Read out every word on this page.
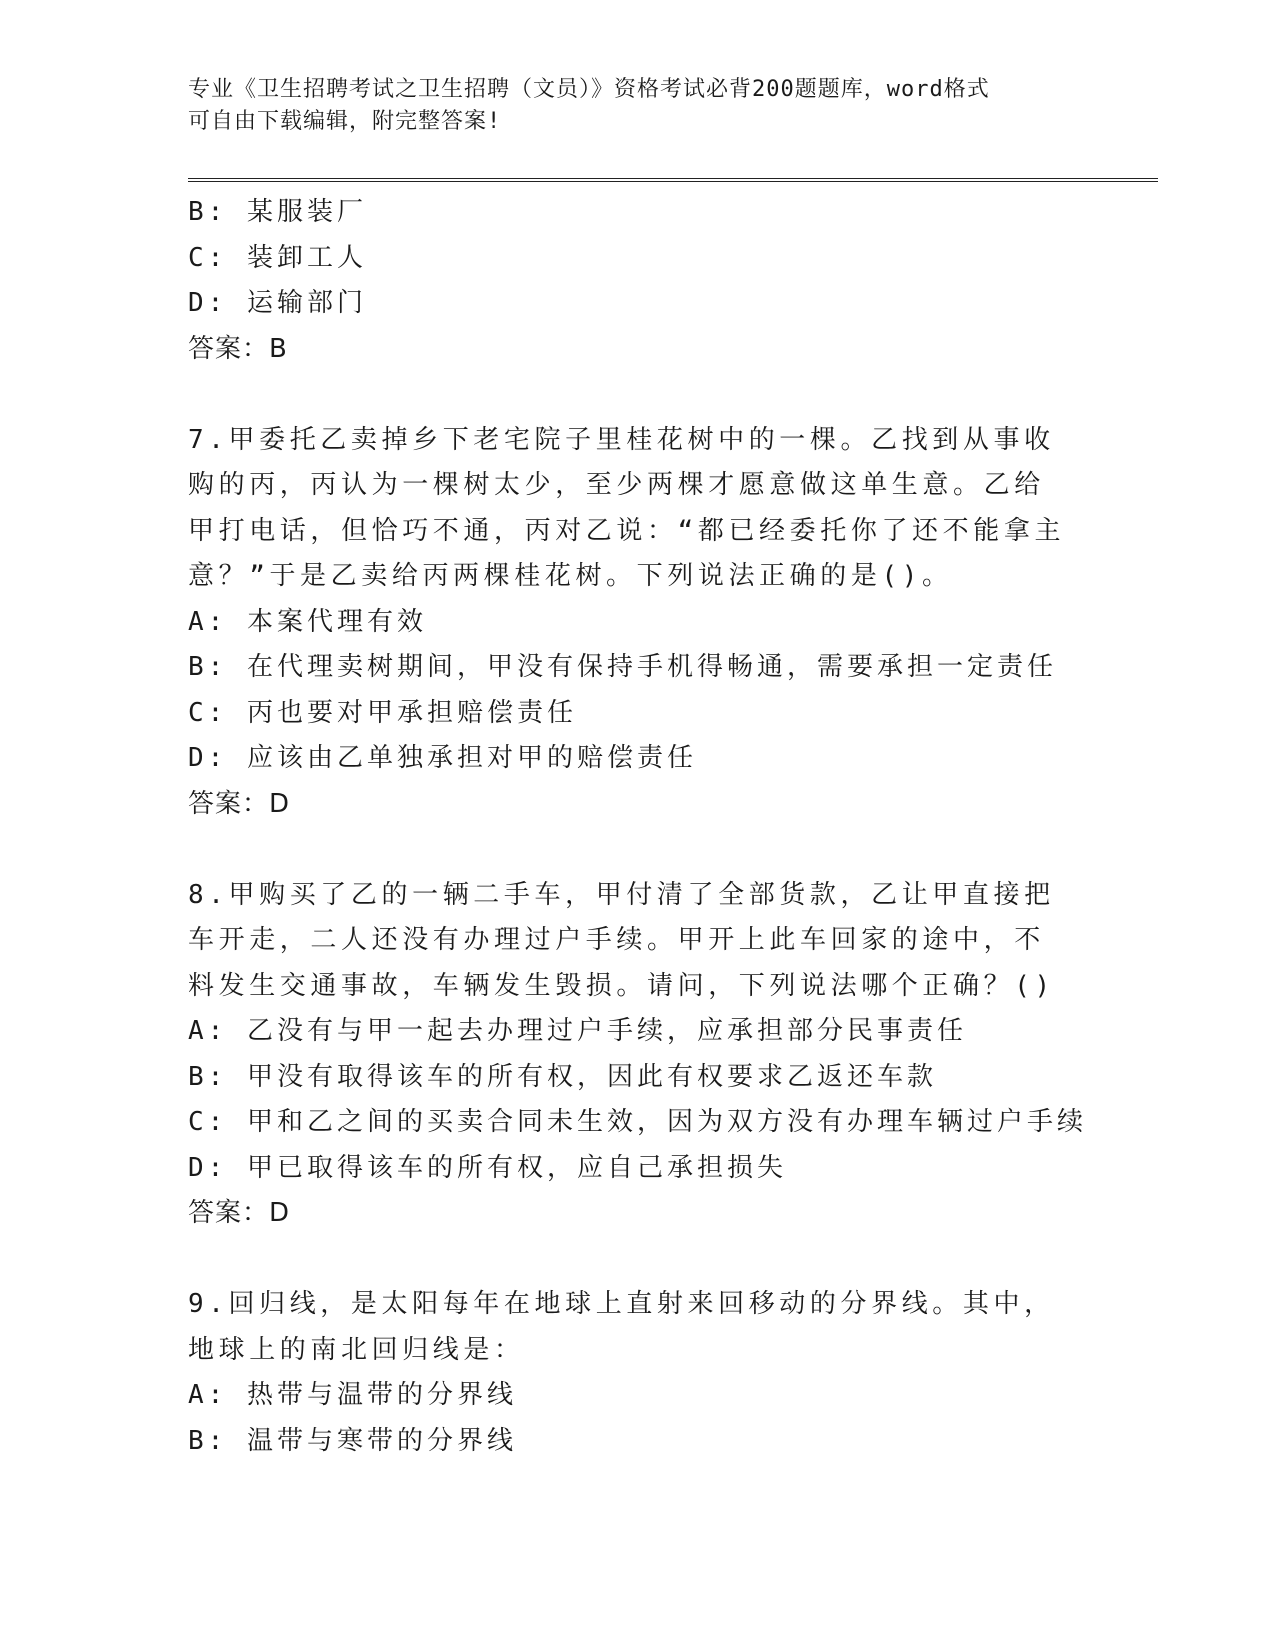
专业《卫生招聘考试之卫生招聘（文员）》资格考试必背200题题库，word格式
可自由下载编辑，附完整答案!
B: 某服装厂
C: 装卸工人
D: 运输部门
答案：B
7.甲委托乙卖掉乡下老宅院子里桂花树中的一棵。乙找到从事收购的丙，丙认为一棵树太少，至少两棵才愿意做这单生意。乙给甲打电话，但恰巧不通，丙对乙说：“都已经委托你了还不能拿主意？”于是乙卖给丙两棵桂花树。下列说法正确的是()。
A: 本案代理有效
B: 在代理卖树期间，甲没有保持手机得畅通，需要承担一定责任
C: 丙也要对甲承担赔偿责任
D: 应该由乙单独承担对甲的赔偿责任
答案：D
8.甲购买了乙的一辆二手车，甲付清了全部货款，乙让甲直接把车开走，二人还没有办理过户手续。甲开上此车回家的途中，不料发生交通事故，车辆发生毁损。请问，下列说法哪个正确？()
A: 乙没有与甲一起去办理过户手续，应承担部分民事责任
B: 甲没有取得该车的所有权，因此有权要求乙返还车款
C: 甲和乙之间的买卖合同未生效，因为双方没有办理车辆过户手续
D: 甲已取得该车的所有权，应自己承担损失
答案：D
9.回归线，是太阳每年在地球上直射来回移动的分界线。其中，地球上的南北回归线是：
A: 热带与温带的分界线
B: 温带与寒带的分界线
